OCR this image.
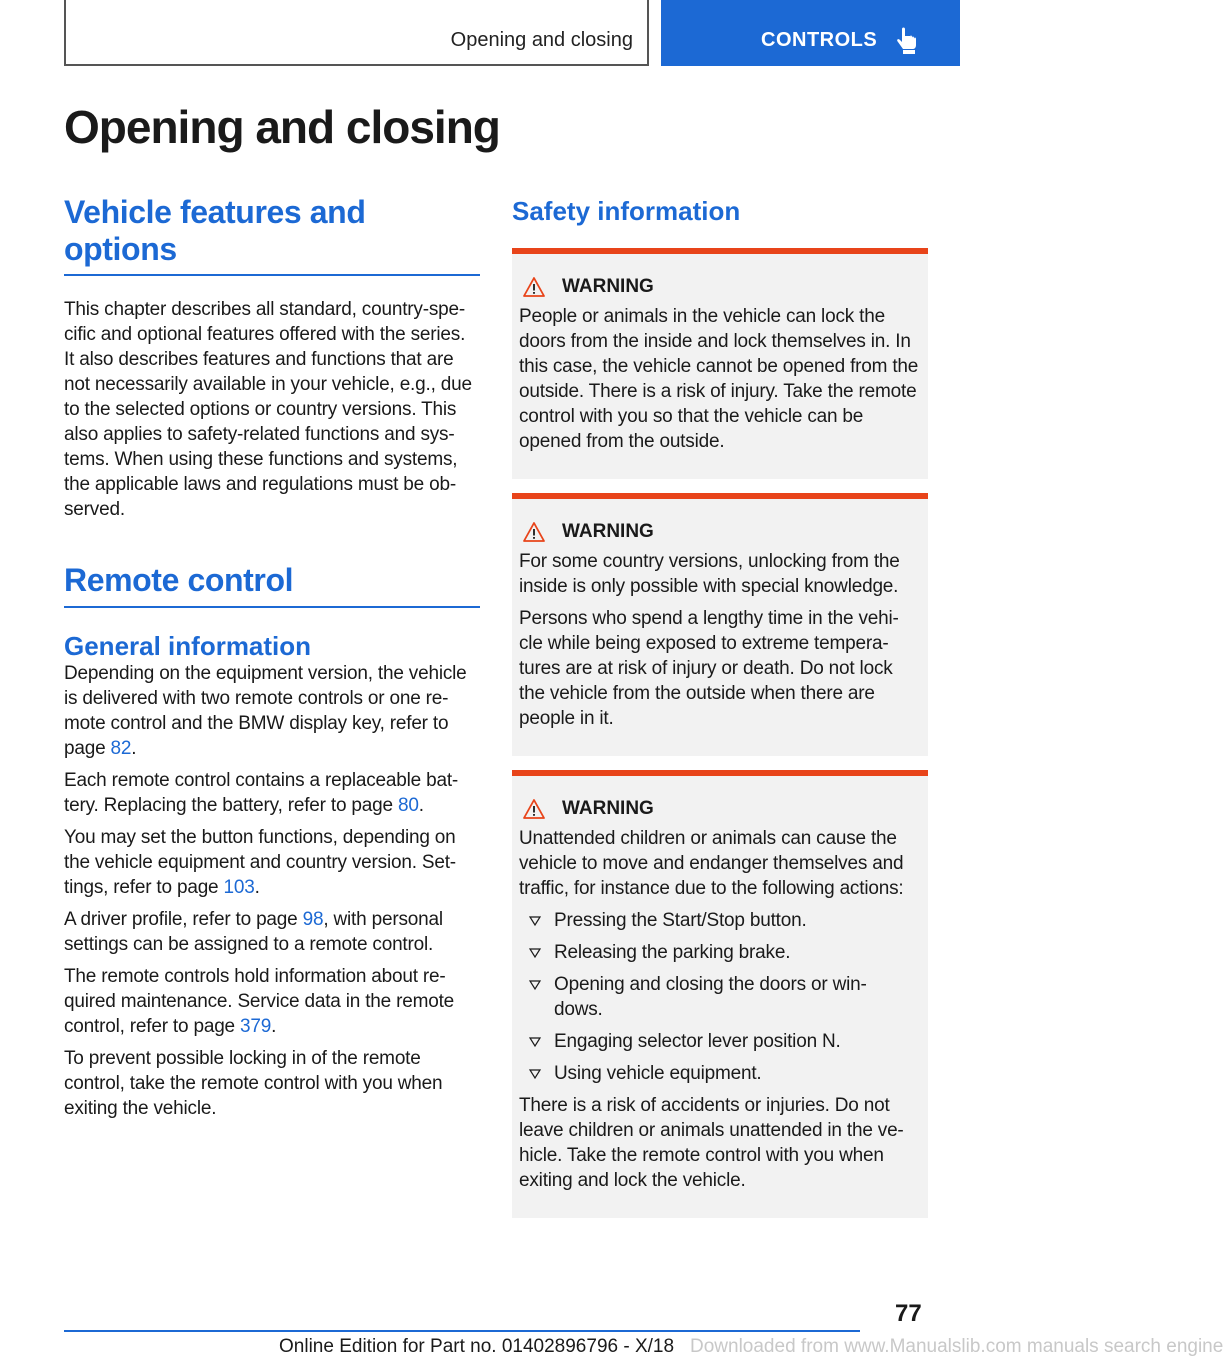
Opening and closing	CONTROLS
Opening and closing
Vehicle features and options

This chapter describes all standard, country-spe- cific and optional features offered with the series. It also describes features and functions that are not necessarily available in your vehicle, e.g., due to the selected options or country versions. This also applies to safety-related functions and sys- tems. When using these functions and systems, the applicable laws and regulations must be ob- served.

Remote control
General information

Depending on the equipment version, the vehicle is delivered with two remote controls or one re- mote control and the BMW display key, refer to page 82.

Each remote control contains a replaceable bat- tery. Replacing the battery, refer to page 80.

You may set the button functions, depending on the vehicle equipment and country version. Set- tings, refer to page 103.

A driver profile, refer to page 98, with personal settings can be assigned to a remote control.

The remote controls hold information about re- quired maintenance. Service data in the remote control, refer to page 379.

To prevent possible locking in of the remote control, take the remote control with you when exiting the vehicle.

Safety information
WARNING

People or animals in the vehicle can lock the doors from the inside and lock themselves in. In this case, the vehicle cannot be opened from the outside. There is a risk of injury. Take the remote control with you so that the vehicle can be opened from the outside.

WARNING

For some country versions, unlocking from the inside is only possible with special knowledge.

Persons who spend a lengthy time in the vehi- cle while being exposed to extreme tempera- tures are at risk of injury or death. Do not lock the vehicle from the outside when there are people in it.

WARNING

Unattended children or animals can cause the vehicle to move and endanger themselves and traffic, for instance due to the following actions:

Pressing the Start/Stop button.
Releasing the parking brake.
Opening and closing the doors or win- dows.
Engaging selector lever position N.
Using vehicle equipment.

There is a risk of accidents or injuries. Do not leave children or animals unattended in the ve- hicle. Take the remote control with you when exiting and lock the vehicle.

77
Online Edition for Part no. 01402896796 - X/18 Downloaded from www.Manualslib.com manuals search engine
